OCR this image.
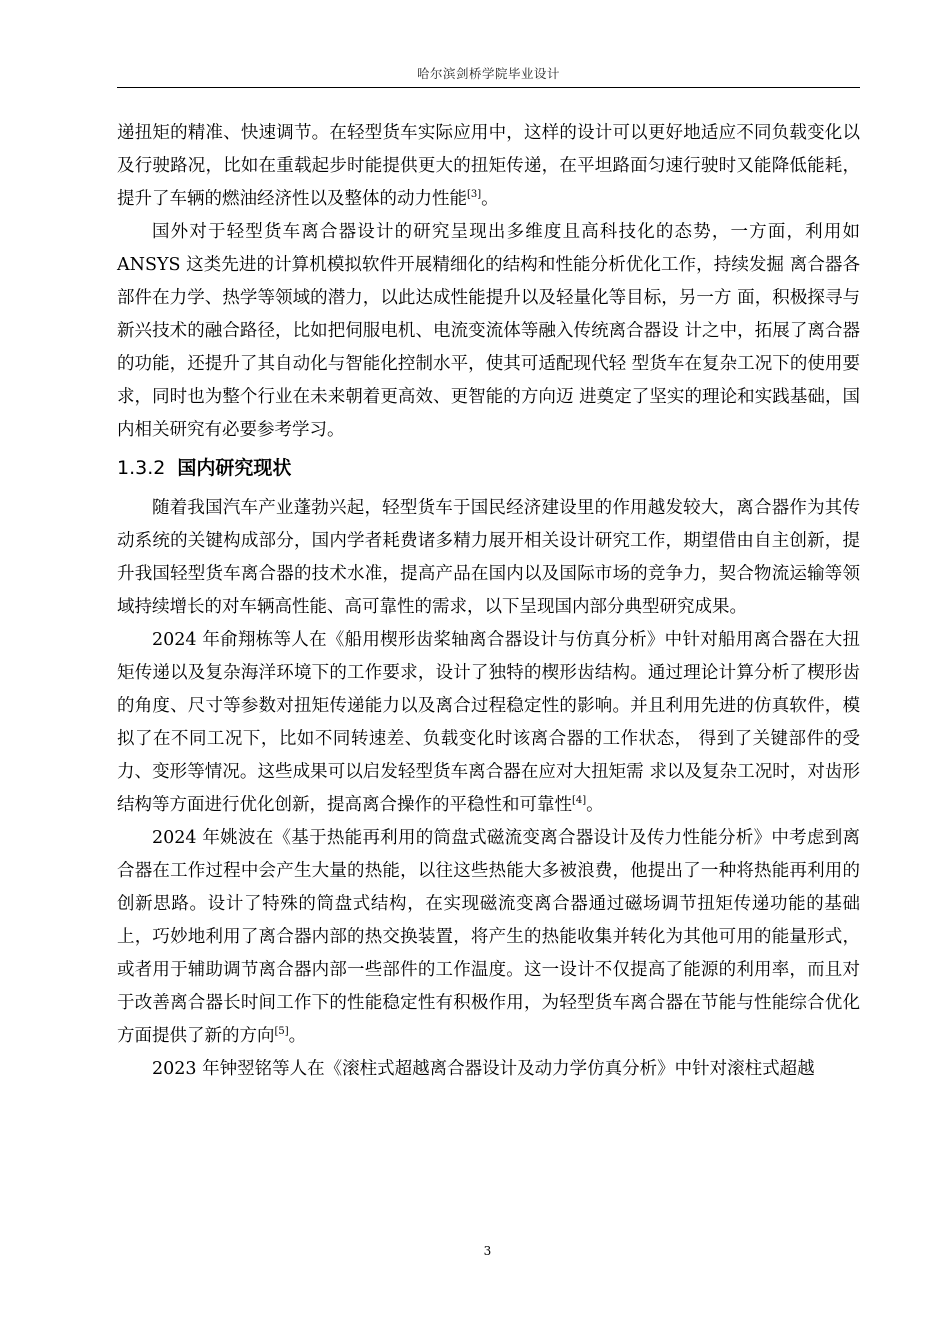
哈尔滨剑桥学院毕业设计

递扭矩的精准、快速调节。在轻型货车实际应用中，这样的设计可以更好地适应不同负载变化以及行驶路况，比如在重载起步时能提供更大的扭矩传递，在平坦路面匀速行驶时又能降低能耗，提升了车辆的燃油经济性以及整体的动力性能[3]。

国外对于轻型货车离合器设计的研究呈现出多维度且高科技化的态势，一方面，利用如 ANSYS 这类先进的计算机模拟软件开展精细化的结构和性能分析优化工作，持续发掘 离合器各部件在力学、热学等领域的潜力，以此达成性能提升以及轻量化等目标，另一方 面，积极探寻与新兴技术的融合路径，比如把伺服电机、电流变流体等融入传统离合器设 计之中，拓展了离合器的功能，还提升了其自动化与智能化控制水平，使其可适配现代轻 型货车在复杂工况下的使用要求，同时也为整个行业在未来朝着更高效、更智能的方向迈 进奠定了坚实的理论和实践基础，国内相关研究有必要参考学习。

1.3.2 国内研究现状

随着我国汽车产业蓬勃兴起，轻型货车于国民经济建设里的作用越发较大，离合器作为其传动系统的关键构成部分，国内学者耗费诸多精力展开相关设计研究工作，期望借由自主创新，提升我国轻型货车离合器的技术水准，提高产品在国内以及国际市场的竞争力，契合物流运输等领域持续增长的对车辆高性能、高可靠性的需求，以下呈现国内部分典型研究成果。

2024 年俞翔栋等人在《船用楔形齿桨轴离合器设计与仿真分析》中针对船用离合器在大扭矩传递以及复杂海洋环境下的工作要求，设计了独特的楔形齿结构。通过理论计算分析了楔形齿的角度、尺寸等参数对扭矩传递能力以及离合过程稳定性的影响。并且利用先进的仿真软件，模拟了在不同工况下，比如不同转速差、负载变化时该离合器的工作状态， 得到了关键部件的受力、变形等情况。这些成果可以启发轻型货车离合器在应对大扭矩需 求以及复杂工况时，对齿形结构等方面进行优化创新，提高离合操作的平稳性和可靠性[4]。

2024 年姚波在《基于热能再利用的筒盘式磁流变离合器设计及传力性能分析》中考虑到离合器在工作过程中会产生大量的热能，以往这些热能大多被浪费，他提出了一种将热能再利用的创新思路。设计了特殊的筒盘式结构，在实现磁流变离合器通过磁场调节扭矩传递功能的基础上，巧妙地利用了离合器内部的热交换装置，将产生的热能收集并转化为其他可用的能量形式，或者用于辅助调节离合器内部一些部件的工作温度。这一设计不仅提高了能源的利用率，而且对于改善离合器长时间工作下的性能稳定性有积极作用，为轻型货车离合器在节能与性能综合优化方面提供了新的方向[5]。

2023 年钟翌铭等人在《滚柱式超越离合器设计及动力学仿真分析》中针对滚柱式超越

3
